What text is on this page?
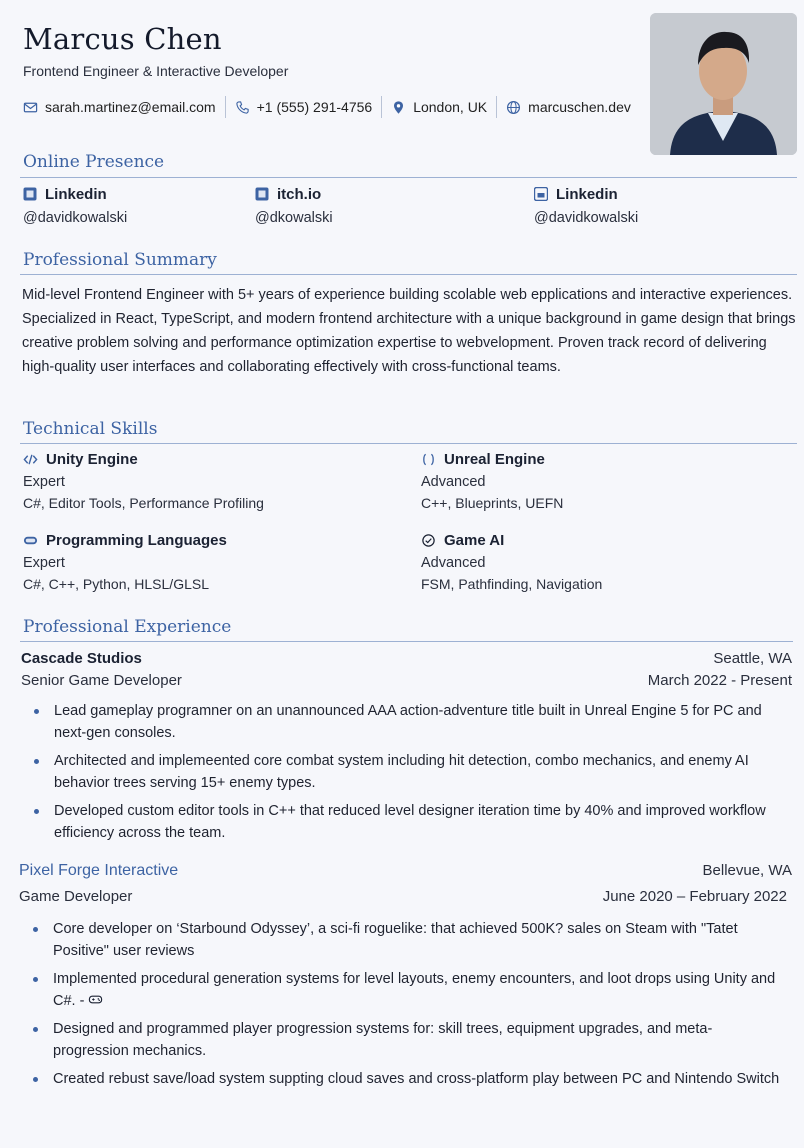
Marcus Chen
Frontend Engineer & Interactive Developer
sarah.martinez@email.com	+1 (555) 291-4756	London, UK	marcuschen.dev
Online Presence
Linkedin
@davidkowalski
itch.io
@dkowalski
Linkedin
@davidkowalski
Professional Summary

Mid-level Frontend Engineer with 5+ years of experience building scolable web epplications and interactive experiences. Specialized in React, TypeScript, and modern frontend architecture with a unique background in game design that brings creative problem solving and performance optimization expertise to webvelopment. Proven track record of delivering high-quality user interfaces and collaborating effectively with cross-functional teams.

Technical Skills
Unity Engine
Expert
C#, Editor Tools, Performance Profiling
Unreal Engine
Advanced
C++, Blueprints, UEFN
Programming Languages
Expert
C#, C++, Python, HLSL/GLSL
Game AI
Advanced
FSM, Pathfinding, Navigation
Professional Experience
Cascade Studios	Seattle, WA
Senior Game Developer	March 2022 - Present
Lead gameplay programner on an unannounced AAA action-adventure title built in Unreal Engine 5 for PC and next-gen consoles.
Architected and implemeented core combat system including hit detection, combo mechanics, and enemy AI behavior trees serving 15+ enemy types.
Developed custom editor tools in C++ that reduced level designer iteration time by 40% and improved workflow efficiency across the team.
Pixel Forge Interactive	Bellevue, WA
Game Developer	June 2020 – February 2022
Core developer on ‘Starbound Odyssey’, a sci-fi roguelike: that achieved 500K? sales on Steam with "Tatet Positive" user reviews
Implemented procedural generation systems for level layouts, enemy encounters, and loot drops using Unity and C#. -
Designed and programmed player progression systems for: skill trees, equipment upgrades, and meta-progression mechanics.
Created rebust save/load system suppting cloud saves and cross-platform play between PC and Nintendo Switch
